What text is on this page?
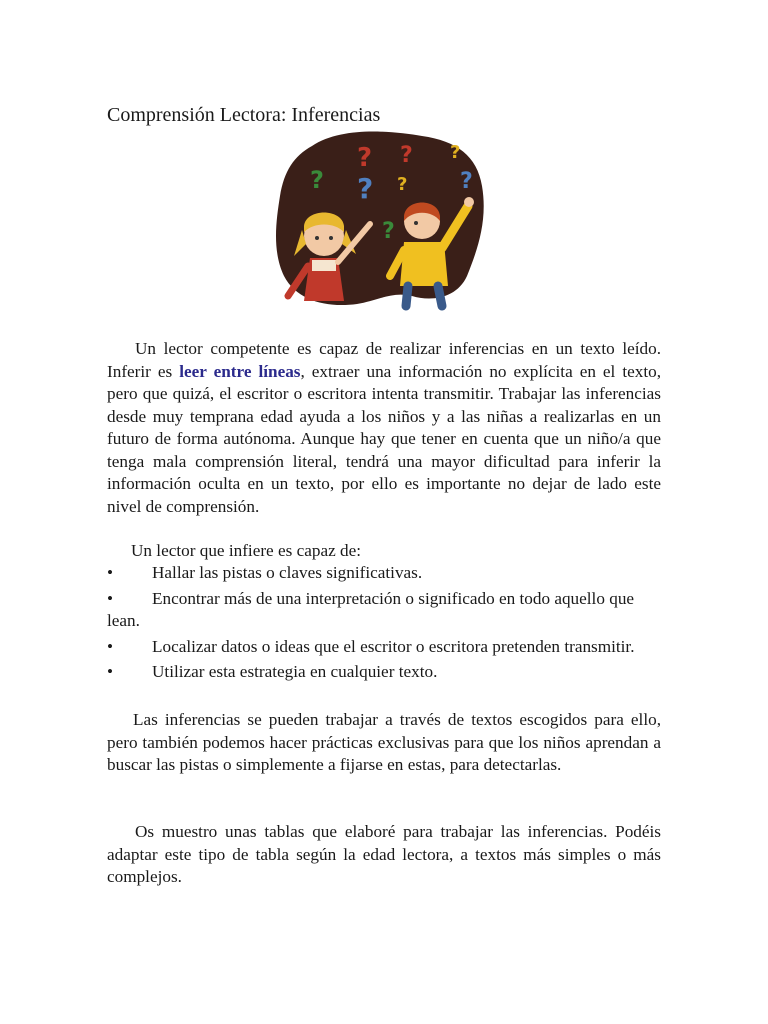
Comprensión Lectora: Inferencias
? ? ?
? ? ? ?
?

Un lector competente es capaz de realizar inferencias en un texto leído. Inferir es leer entre líneas, extraer una información no explícita en el texto, pero que quizá, el escritor o escritora intenta transmitir. Trabajar las inferencias desde muy temprana edad ayuda a los niños y a las niñas a realizarlas en un futuro de forma autónoma. Aunque hay que tener en cuenta que un niño/a que tenga mala comprensión literal, tendrá una mayor dificultad para inferir la información oculta en un texto, por ello es importante no dejar de lado este nivel de comprensión.

Un lector que infiere es capaz de:

• Hallar las pistas o claves significativas.
• Encontrar más de una interpretación o significado en todo aquello que lean.
• Localizar datos o ideas que el escritor o escritora pretenden transmitir.
• Utilizar esta estrategia en cualquier texto.

Las inferencias se pueden trabajar a través de textos escogidos para ello, pero también podemos hacer prácticas exclusivas para que los niños aprendan a buscar las pistas o simplemente a fijarse en estas, para detectarlas.

Os muestro unas tablas que elaboré para trabajar las inferencias. Podéis adaptar este tipo de tabla según la edad lectora, a textos más simples o más complejos.
